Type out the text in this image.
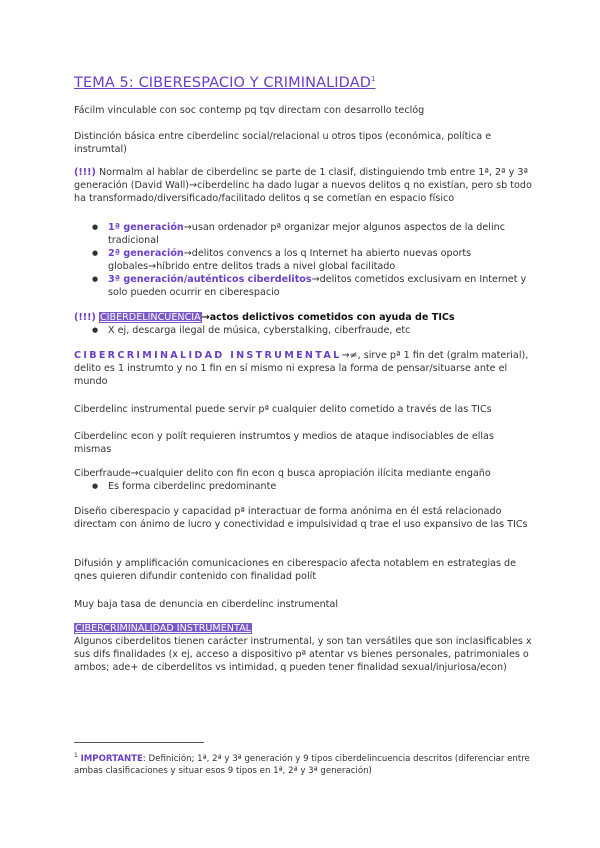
TEMA 5: CIBERESPACIO Y CRIMINALIDAD$^1$

Fácilm vinculable con soc contemp pq tqv directam con desarrollo teclóg

Distinción básica entre ciberdelinc social/relacional u otros tipos (económica, política e instrumtal)

(!!!) Normalm al hablar de ciberdelinc se parte de 1 clasif, distinguiendo tmb entre 1ª, 2ª y 3ª generación (David Wall)→ciberdelinc ha dado lugar a nuevos delitos q no existían, pero sb todo ha transformado/diversificado/facilitado delitos q se cometían en espacio físico

● 1ª generación→usan ordenador pª organizar mejor algunos aspectos de la delinc tradicional
● 2ª generación→delitos convencs a los q Internet ha abierto nuevas oports globales→híbrido entre delitos trads a nivel global facilitado
● 3ª generación/auténticos ciberdelitos→delitos cometidos exclusivam en Internet y solo pueden ocurrir en ciberespacio

(!!!) CIBERDELINCUENCIA→actos delictivos cometidos con ayuda de TICs

● X ej, descarga ilegal de música, cyberstalking, ciberfraude, etc

CIBERCRIMINALIDAD INSTRUMENTAL→≠, sirve pª 1 fin det (gralm material), delito es 1 instrumto y no 1 fin en sí mismo ni expresa la forma de pensar/situarse ante el mundo

Ciberdelinc instrumental puede servir pª cualquier delito cometido a través de las TICs

Ciberdelinc econ y polít requieren instrumtos y medios de ataque indisociables de ellas mismas

Ciberfraude→cualquier delito con fin econ q busca apropiación ilícita mediante engaño

● Es forma ciberdelinc predominante

Diseño ciberespacio y capacidad pª interactuar de forma anónima en él está relacionado directam con ánimo de lucro y conectividad e impulsividad q trae el uso expansivo de las TICs

Difusión y amplificación comunicaciones en ciberespacio afecta notablem en estrategias de qnes quieren difundir contenido con finalidad polít

Muy baja tasa de denuncia en ciberdelinc instrumental

CIBERCRIMINALIDAD INSTRUMENTAL
Algunos ciberdelitos tienen carácter instrumental, y son tan versátiles que son inclasificables x sus difs finalidades (x ej, acceso a dispositivo pª atentar vs bienes personales, patrimoniales o ambos; ade+ de ciberdelitos vs intimidad, q pueden tener finalidad sexual/injuriosa/econ)

$^1$ IMPORTANTE: Definición; 1ª, 2ª y 3ª generación y 9 tipos ciberdelincuencia descritos (diferenciar entre ambas clasificaciones y situar esos 9 tipos en 1ª, 2ª y 3ª generación)
